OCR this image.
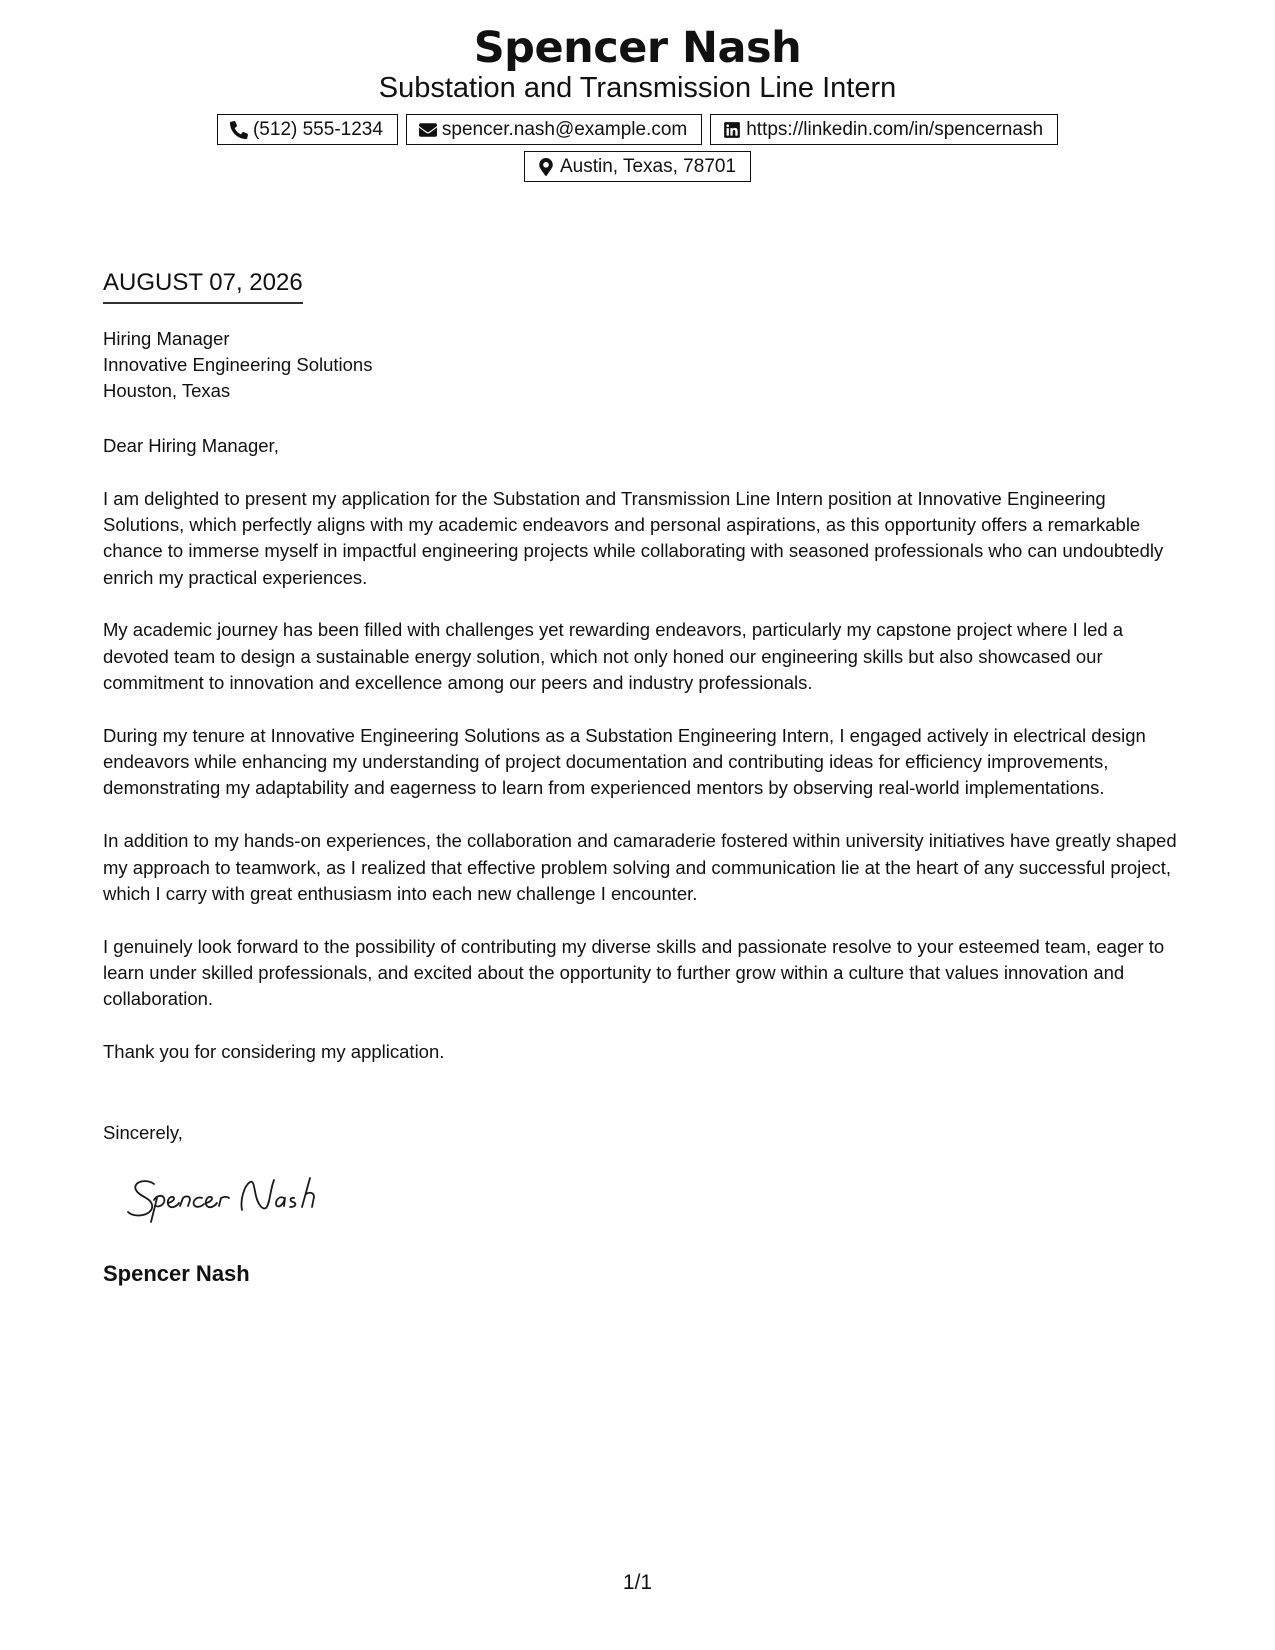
Spencer Nash
Substation and Transmission Line Intern
(512) 555-1234
	spencer.nash@example.com
	https://linkedin.com/in/spencernash
Austin, Texas, 78701
AUGUST 07, 2026
Hiring Manager
Innovative Engineering Solutions
Houston, Texas

Dear Hiring Manager,

I am delighted to present my application for the Substation and Transmission Line Intern position at Innovative Engineering Solutions, which perfectly aligns with my academic endeavors and personal aspirations, as this opportunity offers a remarkable chance to immerse myself in impactful engineering projects while collaborating with seasoned professionals who can undoubtedly enrich my practical experiences.

My academic journey has been filled with challenges yet rewarding endeavors, particularly my capstone project where I led a devoted team to design a sustainable energy solution, which not only honed our engineering skills but also showcased our commitment to innovation and excellence among our peers and industry professionals.

During my tenure at Innovative Engineering Solutions as a Substation Engineering Intern, I engaged actively in electrical design endeavors while enhancing my understanding of project documentation and contributing ideas for efficiency improvements, demonstrating my adaptability and eagerness to learn from experienced mentors by observing real-world implementations.

In addition to my hands-on experiences, the collaboration and camaraderie fostered within university initiatives have greatly shaped my approach to teamwork, as I realized that effective problem solving and communication lie at the heart of any successful project, which I carry with great enthusiasm into each new challenge I encounter.

I genuinely look forward to the possibility of contributing my diverse skills and passionate resolve to your esteemed team, eager to learn under skilled professionals, and excited about the opportunity to further grow within a culture that values innovation and collaboration.

Thank you for considering my application.

Sincerely,
Spencer Nash
1/1
